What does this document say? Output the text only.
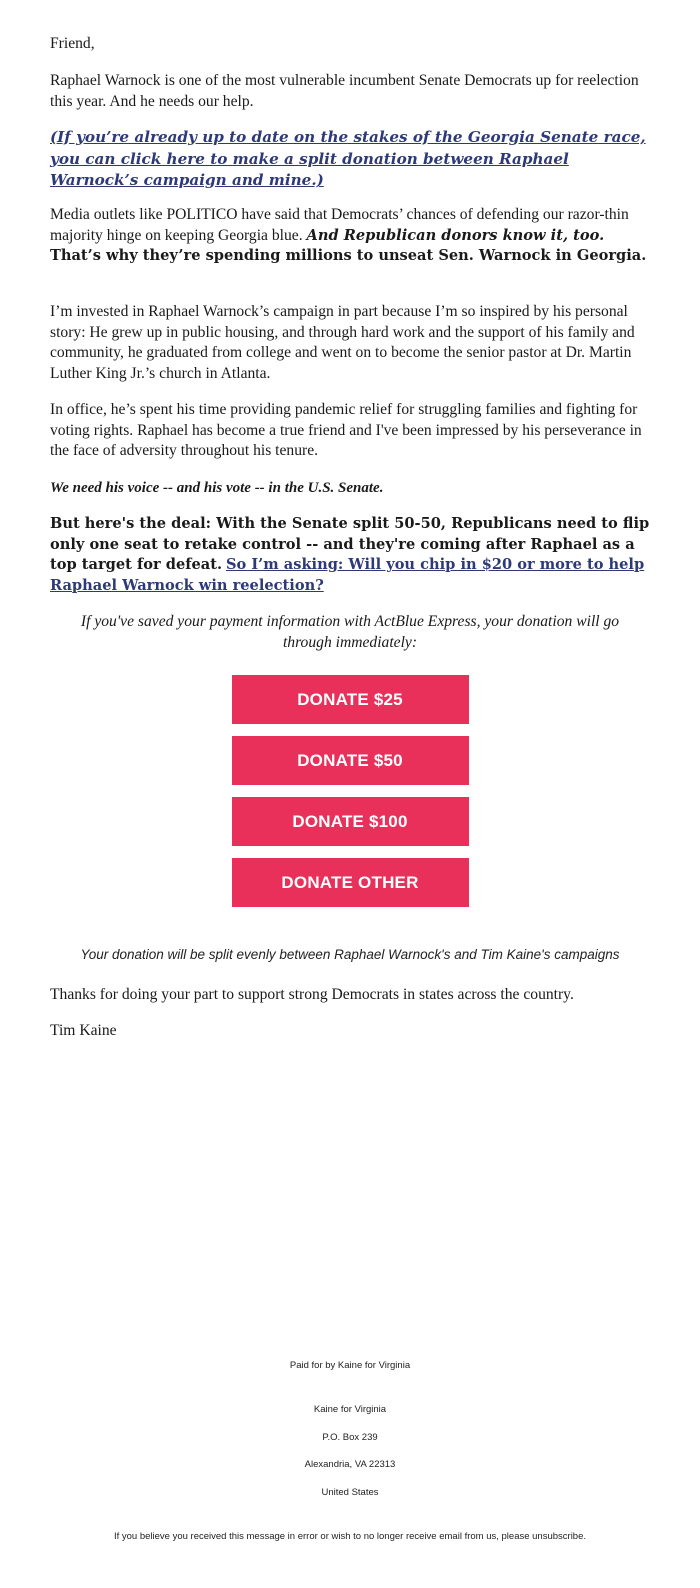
Friend,

Raphael Warnock is one of the most vulnerable incumbent Senate Democrats up for reelection this year. And he needs our help.

(If you’re already up to date on the stakes of the Georgia Senate race, you can click here to make a split donation between Raphael Warnock’s campaign and mine.)

Media outlets like POLITICO have said that Democrats’ chances of defending our razor-thin majority hinge on keeping Georgia blue. And Republican donors know it, too. That’s why they’re spending millions to unseat Sen. Warnock in Georgia.

I’m invested in Raphael Warnock’s campaign in part because I’m so inspired by his personal story: He grew up in public housing, and through hard work and the support of his family and community, he graduated from college and went on to become the senior pastor at Dr. Martin Luther King Jr.’s church in Atlanta.

In office, he’s spent his time providing pandemic relief for struggling families and fighting for voting rights. Raphael has become a true friend and I've been impressed by his perseverance in the face of adversity throughout his tenure.

We need his voice -- and his vote -- in the U.S. Senate.

But here's the deal: With the Senate split 50-50, Republicans need to flip only one seat to retake control -- and they're coming after Raphael as a top target for defeat. So I’m asking: Will you chip in $20 or more to help Raphael Warnock win reelection?

If you've saved your payment information with ActBlue Express, your donation will go through immediately:

DONATE $25
DONATE $50
DONATE $100
DONATE OTHER

Your donation will be split evenly between Raphael Warnock's and Tim Kaine's campaigns

Thanks for doing your part to support strong Democrats in states across the country.

Tim Kaine

Paid for by Kaine for Virginia

Kaine for Virginia

P.O. Box 239

Alexandria, VA 22313

United States

If you believe you received this message in error or wish to no longer receive email from us, please unsubscribe.
